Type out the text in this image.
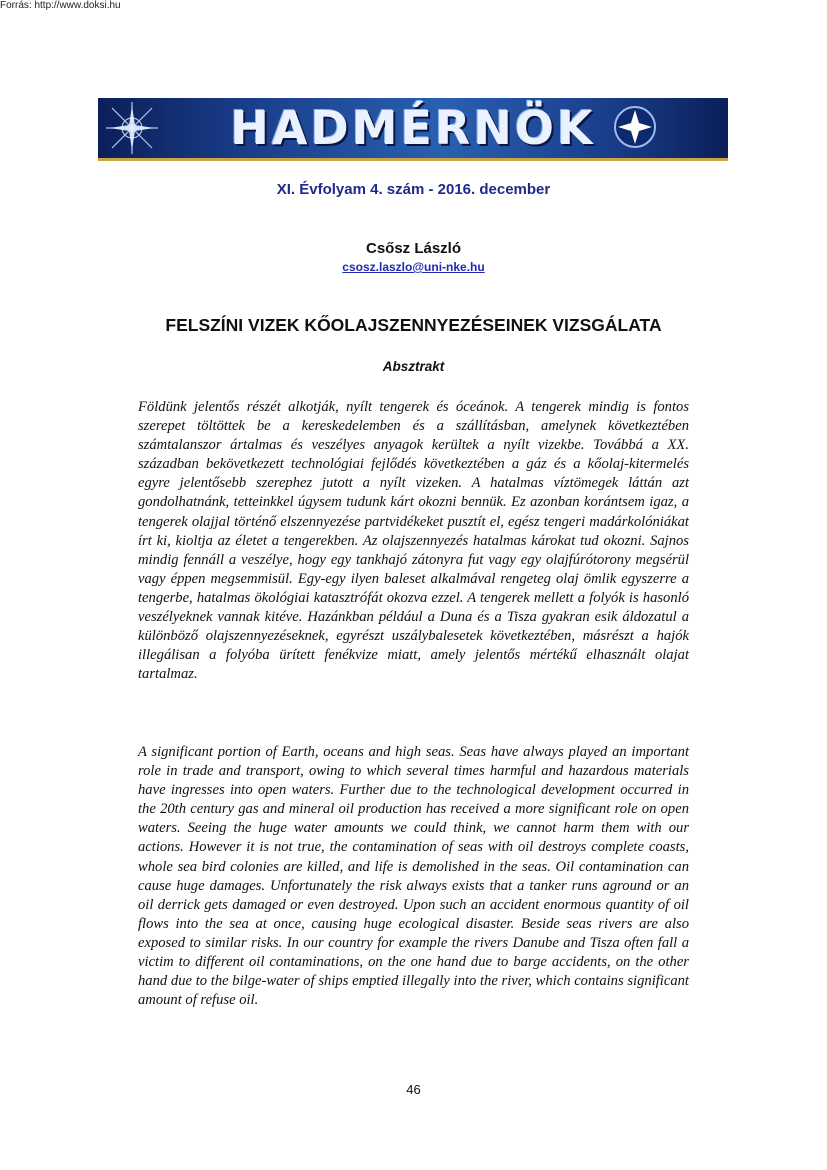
Forrás: http://www.doksi.hu
HADMÉRNÖK
XI. Évfolyam 4. szám - 2016. december
Csősz László
csosz.laszlo@uni-nke.hu
FELSZÍNI VIZEK KŐOLAJSZENNYEZÉSEINEK VIZSGÁLATA
Absztrakt

Földünk jelentős részét alkotják, nyílt tengerek és óceánok. A tengerek mindig is fontos szerepet töltöttek be a kereskedelemben és a szállításban, amelynek következtében számtalanszor ártalmas és veszélyes anyagok kerültek a nyílt vizekbe. Továbbá a XX. században bekövetkezett technológiai fejlődés következtében a gáz és a kőolaj-kitermelés egyre jelentősebb szerephez jutott a nyílt vizeken. A hatalmas víztömegek láttán azt gondolhatnánk, tetteinkkel úgysem tudunk kárt okozni bennük. Ez azonban korántsem igaz, a tengerek olajjal történő elszennyezése partvidékeket pusztít el, egész tengeri madárkolóniákat írt ki, kioltja az életet a tengerekben. Az olajszennyezés hatalmas károkat tud okozni. Sajnos mindig fennáll a veszélye, hogy egy tankhajó zátonyra fut vagy egy olajfúrótorony megsérül vagy éppen megsemmisül. Egy-egy ilyen baleset alkalmával rengeteg olaj ömlik egyszerre a tengerbe, hatalmas ökológiai katasztrófát okozva ezzel. A tengerek mellett a folyók is hasonló veszélyeknek vannak kitéve. Hazánkban például a Duna és a Tisza gyakran esik áldozatul a különböző olajszennyezéseknek, egyrészt uszálybalesetek következtében, másrészt a hajók illegálisan a folyóba ürített fenékvize miatt, amely jelentős mértékű elhasznált olajat tartalmaz.

A significant portion of Earth, oceans and high seas. Seas have always played an important role in trade and transport, owing to which several times harmful and hazardous materials have ingresses into open waters. Further due to the technological development occurred in the 20th century gas and mineral oil production has received a more significant role on open waters. Seeing the huge water amounts we could think, we cannot harm them with our actions. However it is not true, the contamination of seas with oil destroys complete coasts, whole sea bird colonies are killed, and life is demolished in the seas. Oil contamination can cause huge damages. Unfortunately the risk always exists that a tanker runs aground or an oil derrick gets damaged or even destroyed. Upon such an accident enormous quantity of oil flows into the sea at once, causing huge ecological disaster. Beside seas rivers are also exposed to similar risks. In our country for example the rivers Danube and Tisza often fall a victim to different oil contaminations, on the one hand due to barge accidents, on the other hand due to the bilge-water of ships emptied illegally into the river, which contains significant amount of refuse oil.

46
